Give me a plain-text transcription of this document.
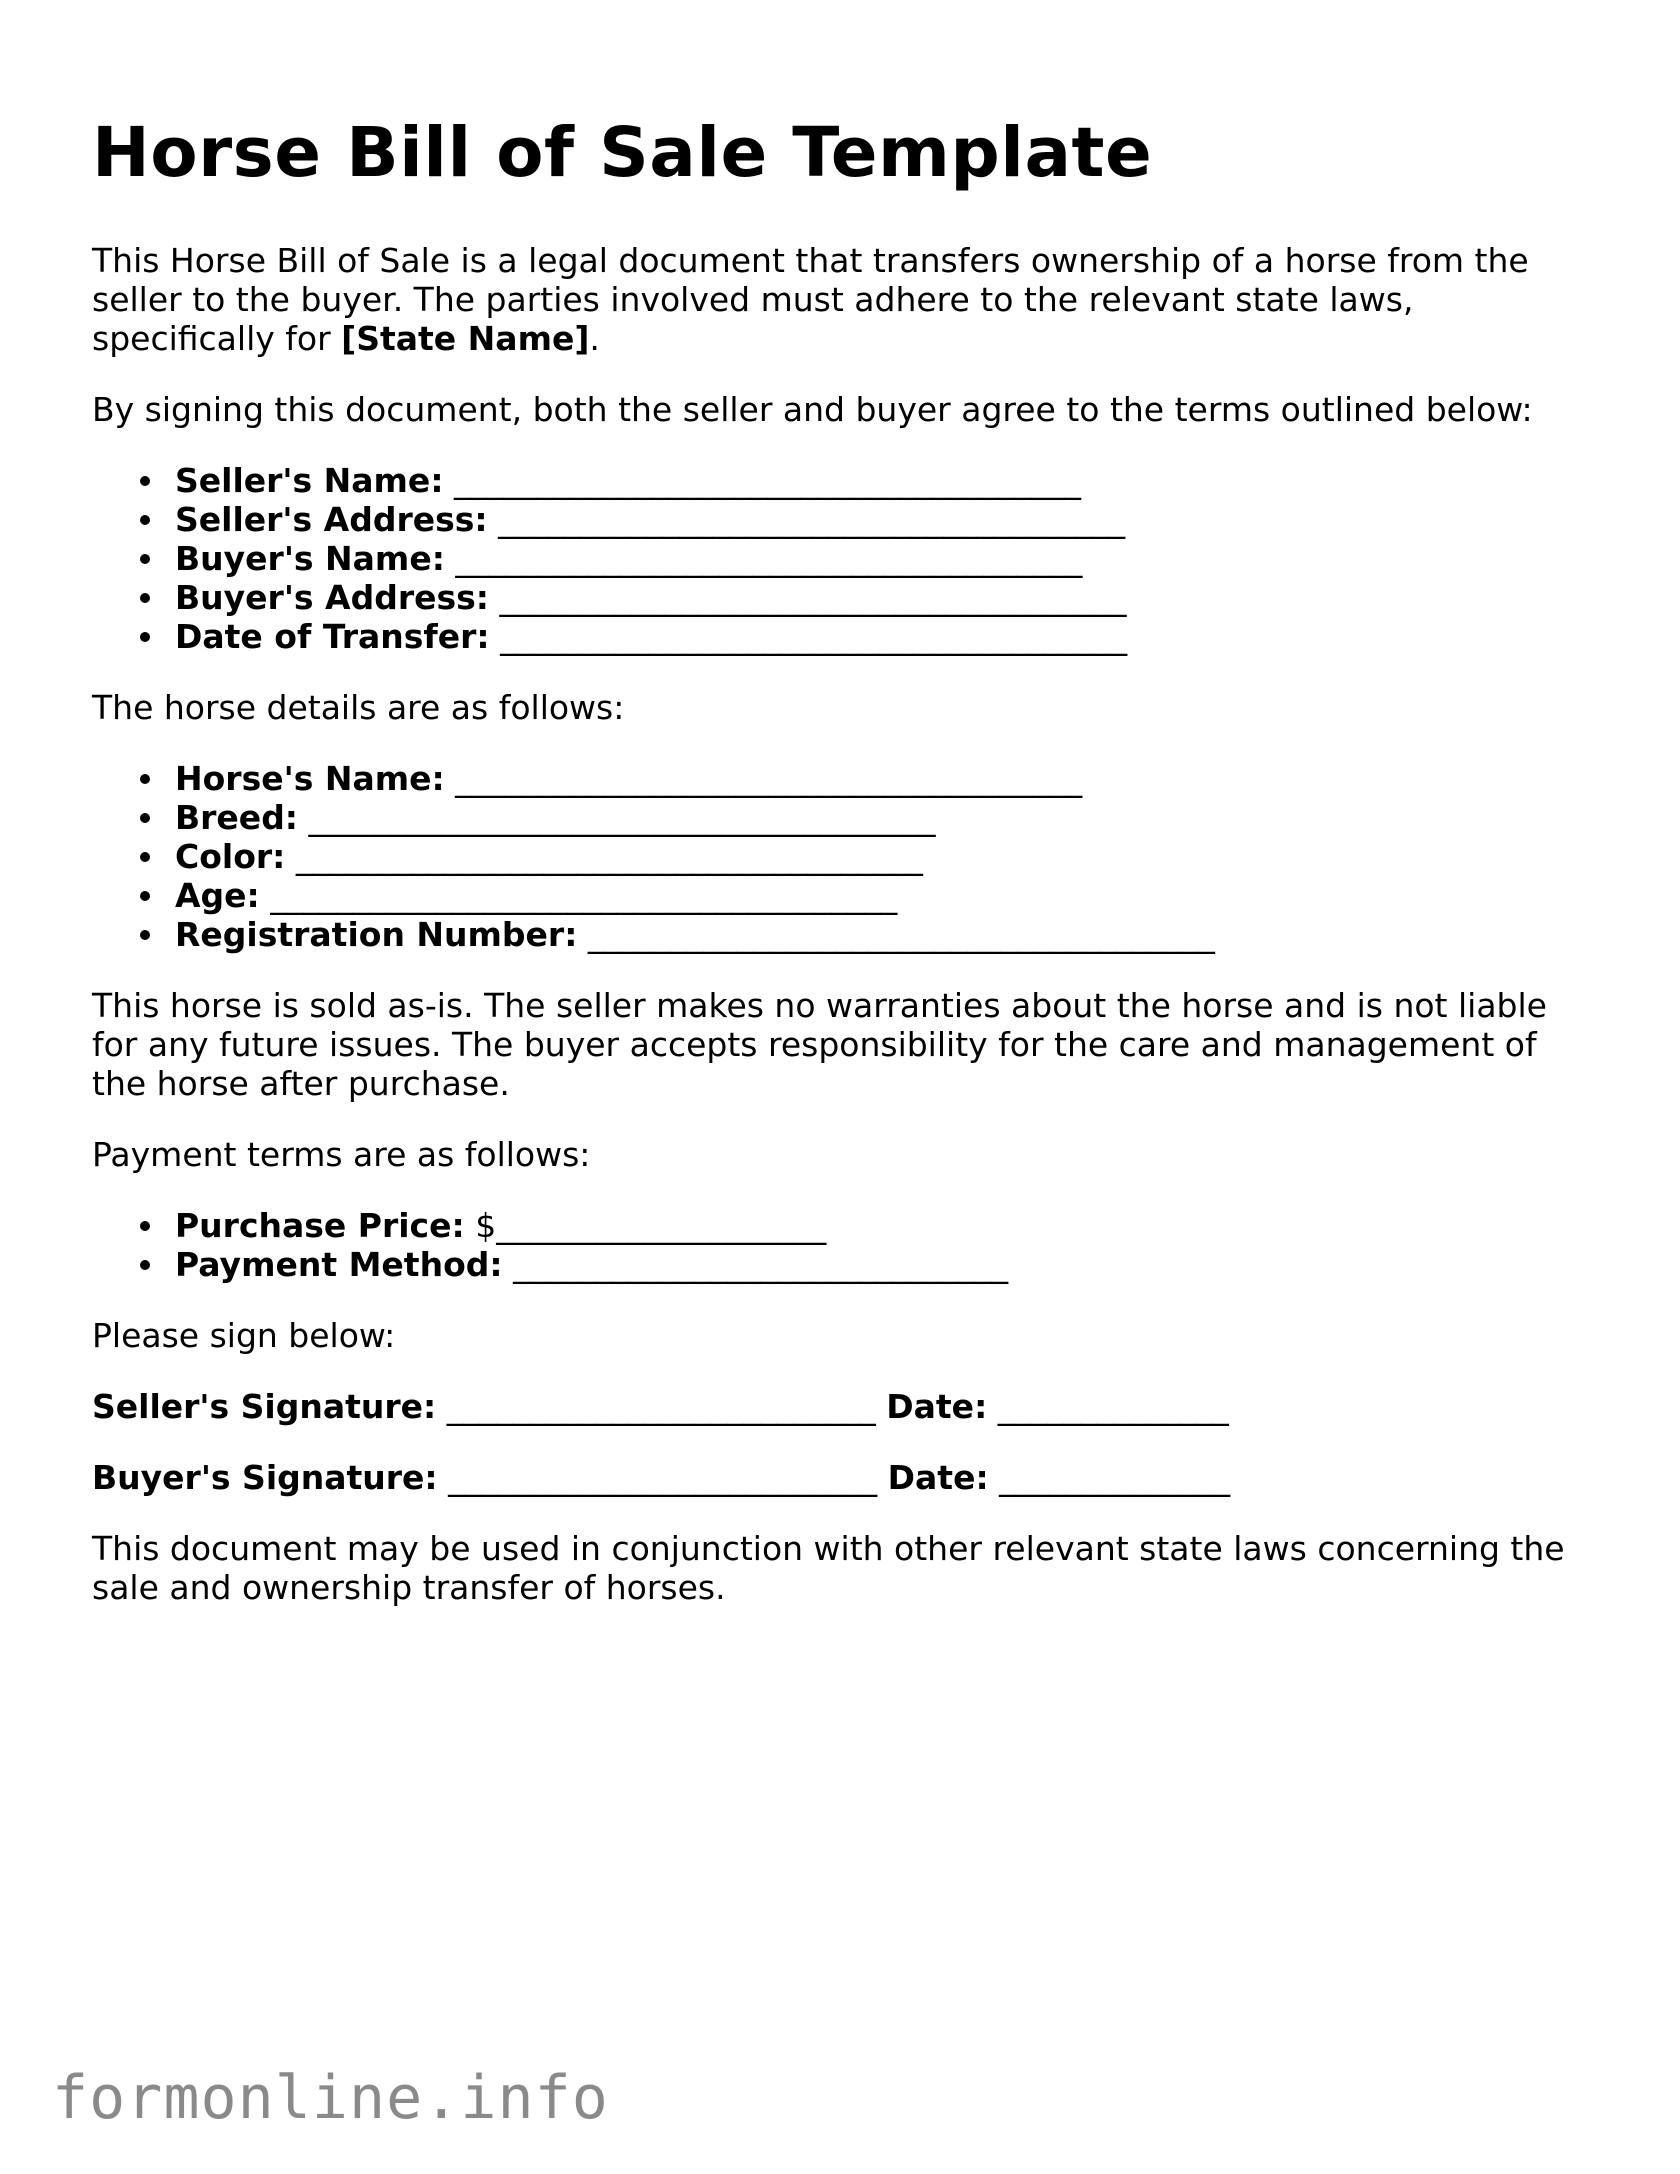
Horse Bill of Sale Template

This Horse Bill of Sale is a legal document that transfers ownership of a horse from the seller to the buyer. The parties involved must adhere to the relevant state laws, specifically for [State Name].

By signing this document, both the seller and buyer agree to the terms outlined below:

Seller's Name: ______________________________________
Seller's Address: ______________________________________
Buyer's Name: ______________________________________
Buyer's Address: ______________________________________
Date of Transfer: ______________________________________

The horse details are as follows:

Horse's Name: ______________________________________
Breed: ______________________________________
Color: ______________________________________
Age: ______________________________________
Registration Number: ______________________________________

This horse is sold as-is. The seller makes no warranties about the horse and is not liable for any future issues. The buyer accepts responsibility for the care and management of the horse after purchase.

Payment terms are as follows:

Purchase Price: $____________________
Payment Method: ______________________________

Please sign below:

Seller's Signature: __________________________ Date: ______________
Buyer's Signature: __________________________ Date: ______________

This document may be used in conjunction with other relevant state laws concerning the sale and ownership transfer of horses.

formonline.info
